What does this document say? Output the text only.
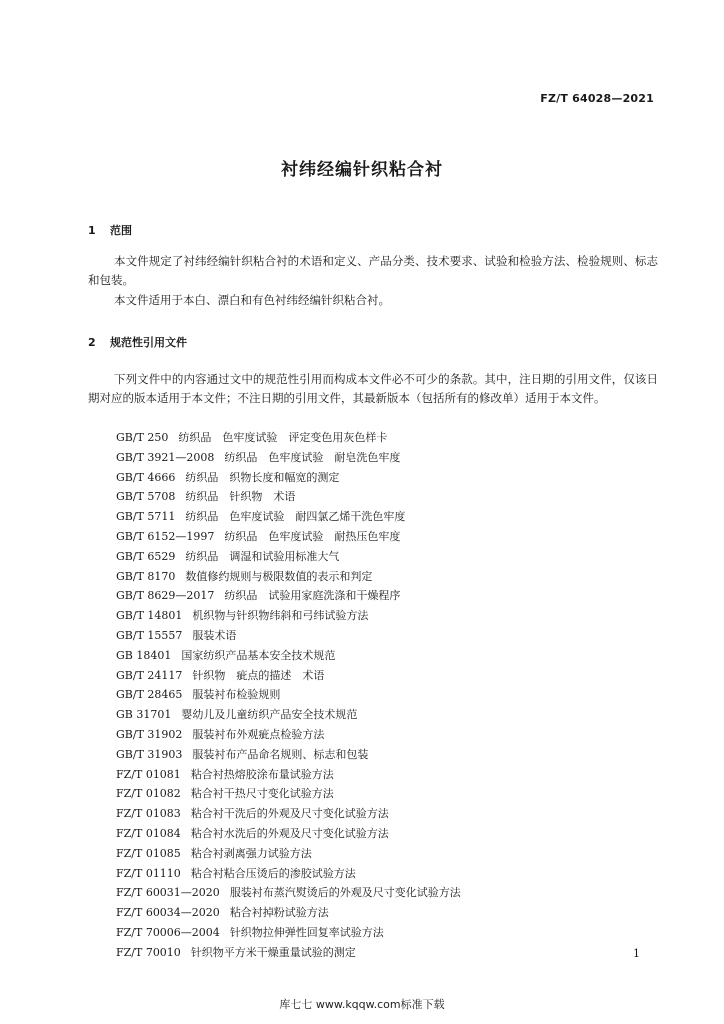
FZ/T 64028—2021
衬纬经编针织粘合衬
1 范围

本文件规定了衬纬经编针织粘合衬的术语和定义、产品分类、技术要求、试验和检验方法、检验规则、标志和包装。

本文件适用于本白、漂白和有色衬纬经编针织粘合衬。

2 规范性引用文件

下列文件中的内容通过文中的规范性引用而构成本文件必不可少的条款。其中，注日期的引用文件，仅该日期对应的版本适用于本文件；不注日期的引用文件，其最新版本（包括所有的修改单）适用于本文件。

GB/T 250 纺织品　色牢度试验　评定变色用灰色样卡
GB/T 3921—2008 纺织品　色牢度试验　耐皂洗色牢度
GB/T 4666 纺织品　织物长度和幅宽的测定
GB/T 5708 纺织品　针织物　术语
GB/T 5711 纺织品　色牢度试验　耐四氯乙烯干洗色牢度
GB/T 6152—1997 纺织品　色牢度试验　耐热压色牢度
GB/T 6529 纺织品　调湿和试验用标准大气
GB/T 8170 数值修约规则与极限数值的表示和判定
GB/T 8629—2017 纺织品　试验用家庭洗涤和干燥程序
GB/T 14801 机织物与针织物纬斜和弓纬试验方法
GB/T 15557 服装术语
GB 18401 国家纺织产品基本安全技术规范
GB/T 24117 针织物　疵点的描述　术语
GB/T 28465 服装衬布检验规则
GB 31701 婴幼儿及儿童纺织产品安全技术规范
GB/T 31902 服装衬布外观疵点检验方法
GB/T 31903 服装衬布产品命名规则、标志和包装
FZ/T 01081 粘合衬热熔胶涂布量试验方法
FZ/T 01082 粘合衬干热尺寸变化试验方法
FZ/T 01083 粘合衬干洗后的外观及尺寸变化试验方法
FZ/T 01084 粘合衬水洗后的外观及尺寸变化试验方法
FZ/T 01085 粘合衬剥离强力试验方法
FZ/T 01110 粘合衬粘合压烫后的渗胶试验方法
FZ/T 60031—2020 服装衬布蒸汽熨烫后的外观及尺寸变化试验方法
FZ/T 60034—2020 粘合衬掉粉试验方法
FZ/T 70006—2004 针织物拉伸弹性回复率试验方法
FZ/T 70010 针织物平方米干燥重量试验的测定	1
库七七 www.kqqw.com标准下载
